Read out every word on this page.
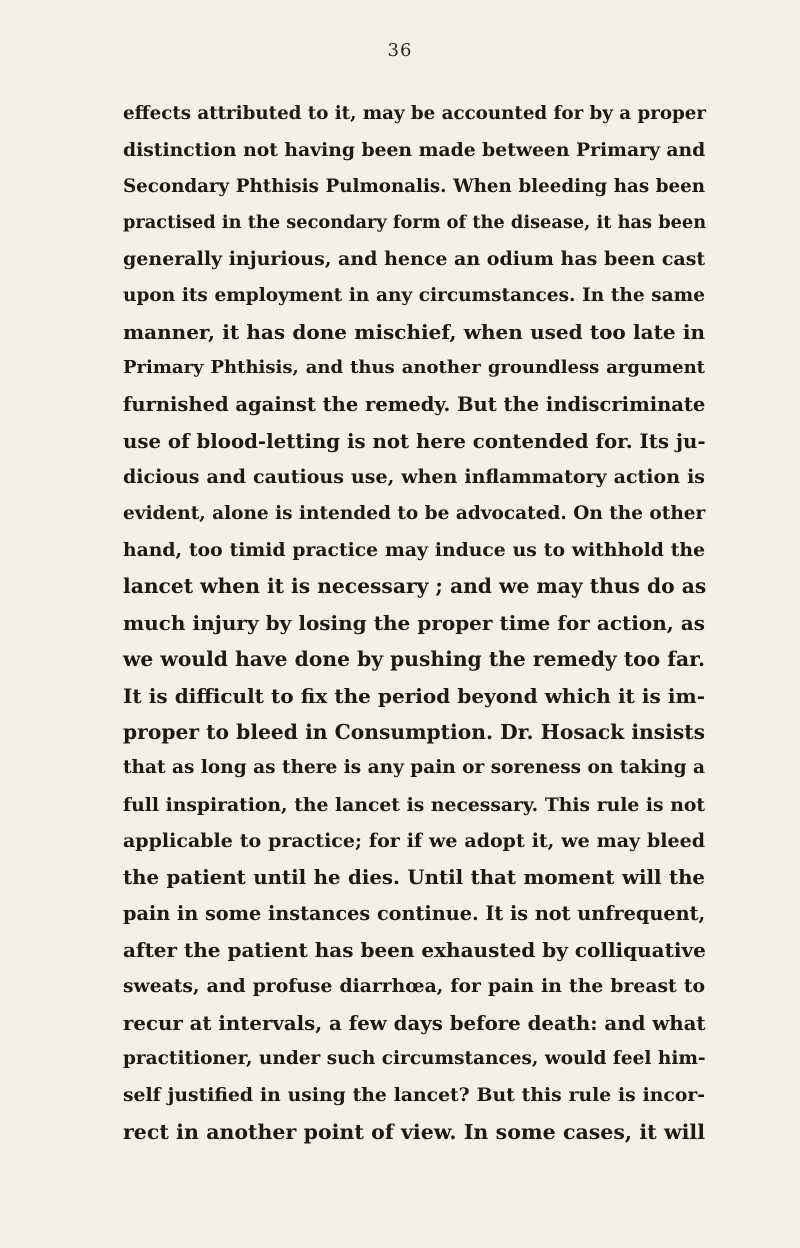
36
effects attributed to it, may be accounted for by a proper
distinction not having been made between Primary and
Secondary Phthisis Pulmonalis. When bleeding has been
practised in the secondary form of the disease, it has been
generally injurious, and hence an odium has been cast
upon its employment in any circumstances. In the same
manner, it has done mischief, when used too late in
Primary Phthisis, and thus another groundless argument
furnished against the remedy. But the indiscriminate
use of blood-letting is not here contended for. Its ju-
dicious and cautious use, when inflammatory action is
evident, alone is intended to be advocated. On the other
hand, too timid practice may induce us to withhold the
lancet when it is necessary ; and we may thus do as
much injury by losing the proper time for action, as
we would have done by pushing the remedy too far.
It is difficult to fix the period beyond which it is im-
proper to bleed in Consumption. Dr. Hosack insists
that as long as there is any pain or soreness on taking a
full inspiration, the lancet is necessary. This rule is not
applicable to practice; for if we adopt it, we may bleed
the patient until he dies. Until that moment will the
pain in some instances continue. It is not unfrequent,
after the patient has been exhausted by colliquative
sweats, and profuse diarrhœa, for pain in the breast to
recur at intervals, a few days before death: and what
practitioner, under such circumstances, would feel him-
self justified in using the lancet? But this rule is incor-
rect in another point of view. In some cases, it will
